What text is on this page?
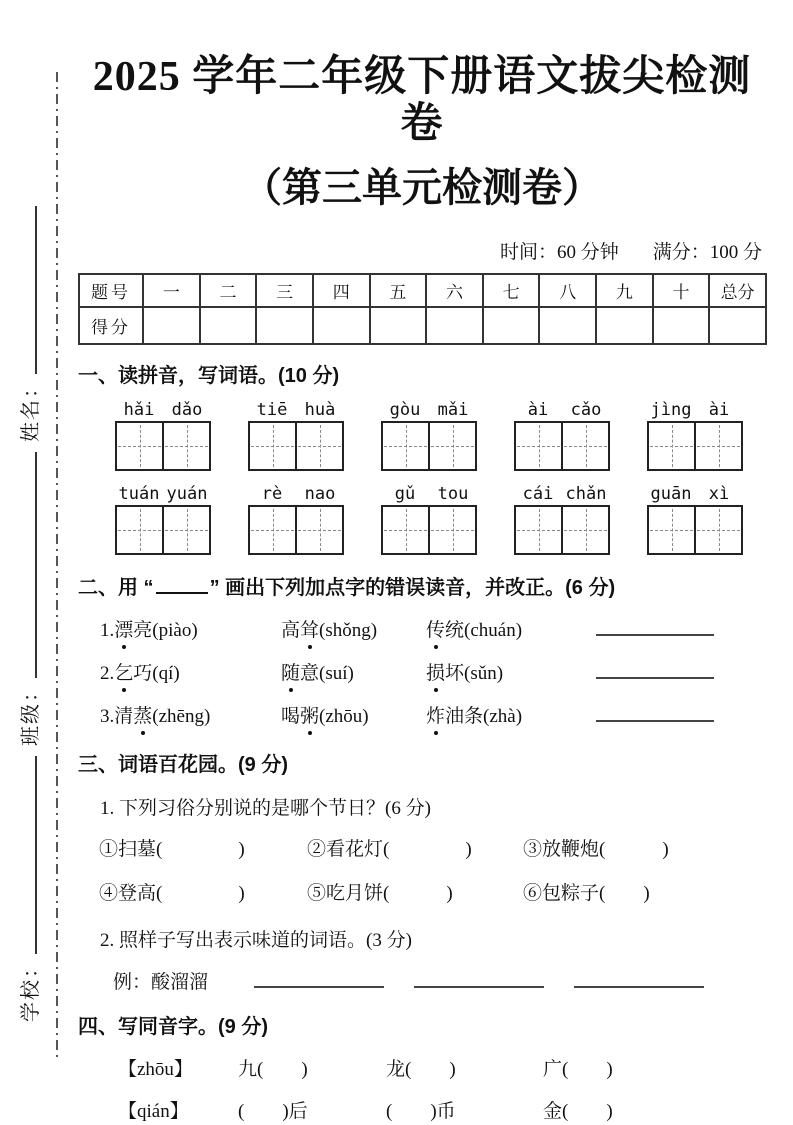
学校：
班级：
姓名：
2025 学年二年级下册语文拔尖检测卷
（第三单元检测卷）
时间：60 分钟 满分：100 分
题号	一	二	三	四	五	六	七	八	九	十	总分
得分											
一、读拼音，写词语。(10 分)
hǎi	dǎo	tiē	huà	gòu	mǎi	ài	cǎo	jìng	ài
tuán yuán	rè	nao	gǔ	tou	cái chǎn	guān	xì
二、用 “	” 画出下列加点字的错误读音，并改正。(6 分)
1.漂亮(piào)	高耸(shǒng)	传统(chuán)
2.乞巧(qí)	随意(suí)	损坏(sǔn)
3.清蒸(zhēng)	喝粥(zhōu)	炸油条(zhà)
三、词语百花园。(9 分)
1. 下列习俗分别说的是哪个节日？(6 分)
①扫墓(　　　　)	②看花灯(　　　　)	③放鞭炮(　　　)
④登高(　　　　)	⑤吃月饼(　　　)	⑥包粽子(　　)
2. 照样子写出表示味道的词语。(3 分)
例：酸溜溜
四、写同音字。(9 分)
【zhōu】	九(　　)	龙(　　)	广(　　)
【qián】	(　　)后	(　　)币	金(　　)
